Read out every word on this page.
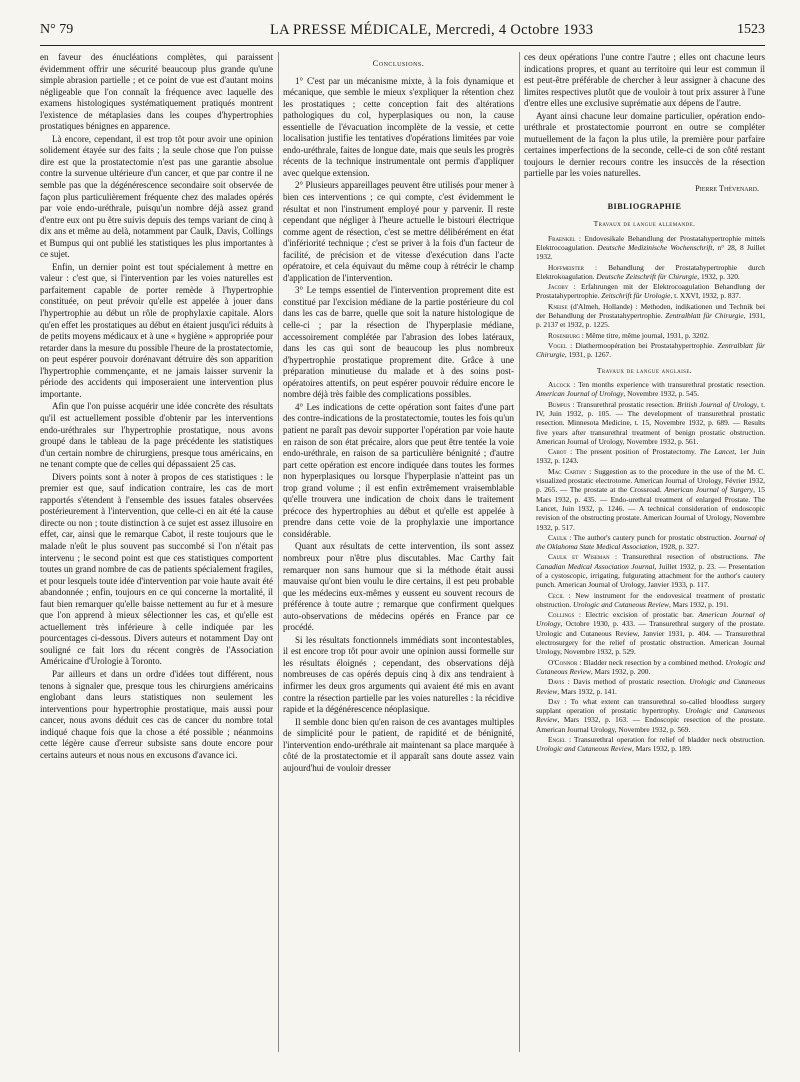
N° 79	LA PRESSE MÉDICALE, Mercredi, 4 Octobre 1933	1523

en faveur des énucléations complètes, qui paraissent évidemment offrir une sécurité beaucoup plus grande qu'une simple abrasion partielle ; et ce point de vue est d'autant moins négligeable que l'on connaît la fréquence avec laquelle des examens histologiques systématiquement pratiqués montrent l'existence de métaplasies dans les coupes d'hypertrophies prostatiques bénignes en apparence.

Là encore, cependant, il est trop tôt pour avoir une opinion solidement étayée sur des faits ; la seule chose que l'on puisse dire est que la prostatectomie n'est pas une garantie absolue contre la survenue ultérieure d'un cancer, et que par contre il ne semble pas que la dégénérescence secondaire soit observée de façon plus particulièrement fréquente chez des malades opérés par voie endo-uréthrale, puisqu'un nombre déjà assez grand d'entre eux ont pu être suivis depuis des temps variant de cinq à dix ans et même au delà, notamment par Caulk, Davis, Collings et Bumpus qui ont publié les statistiques les plus importantes à ce sujet.

Enfin, un dernier point est tout spécialement à mettre en valeur : c'est que, si l'intervention par les voies naturelles est parfaitement capable de porter remède à l'hypertrophie constituée, on peut prévoir qu'elle est appelée à jouer dans l'hypertrophie au début un rôle de prophylaxie capitale. Alors qu'en effet les prostatiques au début en étaient jusqu'ici réduits à de petits moyens médicaux et à une « hygiène » appropriée pour retarder dans la mesure du possible l'heure de la prostatectomie, on peut espérer pouvoir dorénavant détruire dès son apparition l'hypertrophie commençante, et ne jamais laisser survenir la période des accidents qui imposeraient une intervention plus importante.

Afin que l'on puisse acquérir une idée concrète des résultats qu'il est actuellement possible d'obtenir par les interventions endo-uréthrales sur l'hypertrophie prostatique, nous avons groupé dans le tableau de la page précédente les statistiques d'un certain nombre de chirurgiens, presque tous américains, en ne tenant compte que de celles qui dépassaient 25 cas.

Divers points sont à noter à propos de ces statistiques : le premier est que, sauf indication contraire, les cas de mort rapportés s'étendent à l'ensemble des issues fatales observées postérieurement à l'intervention, que celle-ci en ait été la cause directe ou non ; toute distinction à ce sujet est assez illusoire en effet, car, ainsi que le remarque Cabot, il reste toujours que le malade n'eût le plus souvent pas succombé si l'on n'était pas intervenu ; le second point est que ces statistiques comportent toutes un grand nombre de cas de patients spécialement fragiles, et pour lesquels toute idée d'intervention par voie haute avait été abandonnée ; enfin, toujours en ce qui concerne la mortalité, il faut bien remarquer qu'elle baisse nettement au fur et à mesure que l'on apprend à mieux sélectionner les cas, et qu'elle est actuellement très inférieure à celle indiquée par les pourcentages ci-dessous. Divers auteurs et notamment Day ont souligné ce fait lors du récent congrès de l'Association Américaine d'Urologie à Toronto.

Par ailleurs et dans un ordre d'idées tout différent, nous tenons à signaler que, presque tous les chirurgiens américains englobant dans leurs statistiques non seulement les interventions pour hypertrophie prostatique, mais aussi pour cancer, nous avons déduit ces cas de cancer du nombre total indiqué chaque fois que la chose a été possible ; néanmoins cette légère cause d'erreur subsiste sans doute encore pour certains auteurs et nous nous en excusons d'avance ici.

Conclusions.

1° C'est par un mécanisme mixte, à la fois dynamique et mécanique, que semble le mieux s'expliquer la rétention chez les prostatiques ; cette conception fait des altérations pathologiques du col, hyperplasiques ou non, la cause essentielle de l'évacuation incomplète de la vessie, et cette localisation justifie les tentatives d'opérations limitées par voie endo-uréthrale, faites de longue date, mais que seuls les progrès récents de la technique instrumentale ont permis d'appliquer avec quelque extension.

2° Plusieurs appareillages peuvent être utilisés pour mener à bien ces interventions ; ce qui compte, c'est évidemment le résultat et non l'instrument employé pour y parvenir. Il reste cependant que négliger à l'heure actuelle le bistouri électrique comme agent de résection, c'est se mettre délibérément en état d'infériorité technique ; c'est se priver à la fois d'un facteur de facilité, de précision et de vitesse d'exécution dans l'acte opératoire, et cela équivaut du même coup à rétrécir le champ d'application de l'intervention.

3° Le temps essentiel de l'intervention proprement dite est constitué par l'excision médiane de la partie postérieure du col dans les cas de barre, quelle que soit la nature histologique de celle-ci ; par la résection de l'hyperplasie médiane, accessoirement complétée par l'abrasion des lobes latéraux, dans les cas qui sont de beaucoup les plus nombreux d'hypertrophie prostatique proprement dite. Grâce à une préparation minutieuse du malade et à des soins post-opératoires attentifs, on peut espérer pouvoir réduire encore le nombre déjà très faible des complications possibles.

4° Les indications de cette opération sont faites d'une part des contre-indications de la prostatectomie, toutes les fois qu'un patient ne paraît pas devoir supporter l'opération par voie haute en raison de son état précaire, alors que peut être tentée la voie endo-uréthrale, en raison de sa particulière bénignité ; d'autre part cette opération est encore indiquée dans toutes les formes non hyperplasiques ou lorsque l'hyperplasie n'atteint pas un trop grand volume ; il est enfin extrêmement vraisemblable qu'elle trouvera une indication de choix dans le traitement précoce des hypertrophies au début et qu'elle est appelée à prendre dans cette voie de la prophylaxie une importance considérable.

Quant aux résultats de cette intervention, ils sont assez nombreux pour n'être plus discutables. Mac Carthy fait remarquer non sans humour que si la méthode était aussi mauvaise qu'ont bien voulu le dire certains, il est peu probable que les médecins eux-mêmes y eussent eu souvent recours de préférence à toute autre ; remarque que confirment quelques auto-observations de médecins opérés en France par ce procédé.

Si les résultats fonctionnels immédiats sont incontestables, il est encore trop tôt pour avoir une opinion aussi formelle sur les résultats éloignés ; cependant, des observations déjà nombreuses de cas opérés depuis cinq à dix ans tendraient à infirmer les deux gros arguments qui avaient été mis en avant contre la résection partielle par les voies naturelles : la récidive rapide et la dégénérescence néoplasique.

Il semble donc bien qu'en raison de ces avantages multiples de simplicité pour le patient, de rapidité et de bénignité, l'intervention endo-uréthrale ait maintenant sa place marquée à côté de la prostatectomie et il apparaît sans doute assez vain aujourd'hui de vouloir dresser

ces deux opérations l'une contre l'autre ; elles ont chacune leurs indications propres, et quant au territoire qui leur est commun il est peut-être préférable de chercher à leur assigner à chacune des limites respectives plutôt que de vouloir à tout prix assurer à l'une d'entre elles une exclusive suprématie aux dépens de l'autre.

Ayant ainsi chacune leur domaine particulier, opération endo-uréthrale et prostatectomie pourront en outre se compléter mutuellement de la façon la plus utile, la première pour parfaire certaines imperfections de la seconde, celle-ci de son côté restant toujours le dernier recours contre les insuccès de la résection partielle par les voies naturelles.

Pierre Thévenard.
BIBLIOGRAPHIE
Travaux de langue allemande.

Fraenkel : Endovesikale Behandlung der Prostatahypertrophie mittels Elektrocoagulation. Deutsche Medizinische Wochenschrift, n° 28, 8 Juillet 1932.

Hoffmeister : Behandlung der Prostatahypertrophie durch Elektrokoagulation. Deutsche Zeitschrift für Chirurgie, 1932, p. 320.

Jacoby : Erfahrungen mit der Elektrocoagulation Behandlung der Prostatahypertrophie. Zeitschrift für Urologie, t. XXVI, 1932, p. 837.

Kneise (d'Almeh, Hollande) : Methoden, indikationen und Technik bei der Behandlung der Prostatahypertrophie. Zentralblatt für Chirurgie, 1931, p. 2137 et 1932, p. 1225.

Rosenburg : Même titre, même journal, 1931, p. 3202.

Vogel : Diathermoopération bei Prostatahypertrophie. Zentralblatt für Chirurgie, 1931, p. 1267.

Travaux de langue anglaise.

Alcock : Ten months experience with transurethral prostatic resection. American Journal of Urology, Novembre 1932, p. 545.

Bumpus : Transurethral prostatic resection. British Journal of Urology, t. IV, Juin 1932, p. 105. — The development of transurethral prostatic resection. Minnesota Medicine, t. 15, Novembre 1932, p. 689. — Results five years after transurethral treatment of benign prostatic obstruction. American Journal of Urology, Novembre 1932, p. 561.

Cabot : The present position of Prostatectomy. The Lancet, 1er Juin 1932, p. 1243.

Mac Carthy : Suggestion as to the procedure in the use of the M. C. visualized prostatic electrotome. American Journal of Urology, Février 1932, p. 265. — The prostate at the Crossroad. American Journal of Surgery, 15 Mars 1932, p. 435. — Endo-urethral treatment of enlarged Prostate. The Lancet, Juin 1932, p. 1246. — A technical consideration of endoscopic revision of the obstructing prostate. American Journal of Urology, Novembre 1932, p. 517.

Caulk : The author's cautery punch for prostatic obstruction. Journal of the Oklahoma State Medical Association, 1928, p. 327.

Caulk et Wiseman : Transurethral resection of obstructions. The Canadian Medical Association Journal, Juillet 1932, p. 23. — Presentation of a cystoscopic, irrigating, fulgurating attachment for the author's cautery punch. American Journal of Urology, Janvier 1933, p. 117.

Cecil : New instrument for the endovesical treatment of prostatic obstruction. Urologic and Cutaneous Review, Mars 1932, p. 191.

Collings : Electric excision of prostatic bar. American Journal of Urology, Octobre 1930, p. 433. — Transurethral surgery of the prostate. Urologic and Cutaneous Review, Janvier 1931, p. 404. — Transurethral electrosurgery for the relief of prostatic obstruction. American Journal Urology, Novembre 1932, p. 529.

O'Connor : Bladder neck resection by a combined method. Urologic and Cutaneous Review, Mars 1932, p. 200.

Davis : Davis method of prostatic resection. Urologic and Cutaneous Review, Mars 1932, p. 141.

Day : To what extent can transurethral so-called bloodless surgery supplant operation of prostatic hypertrophy. Urologic and Cutaneous Review, Mars 1932, p. 163. — Endoscopic resection of the prostate. American Journal Urology, Novembre 1932, p. 569.

Engel : Transurethral operation for relief of bladder neck obstruction. Urologic and Cutaneous Review, Mars 1932, p. 189.
